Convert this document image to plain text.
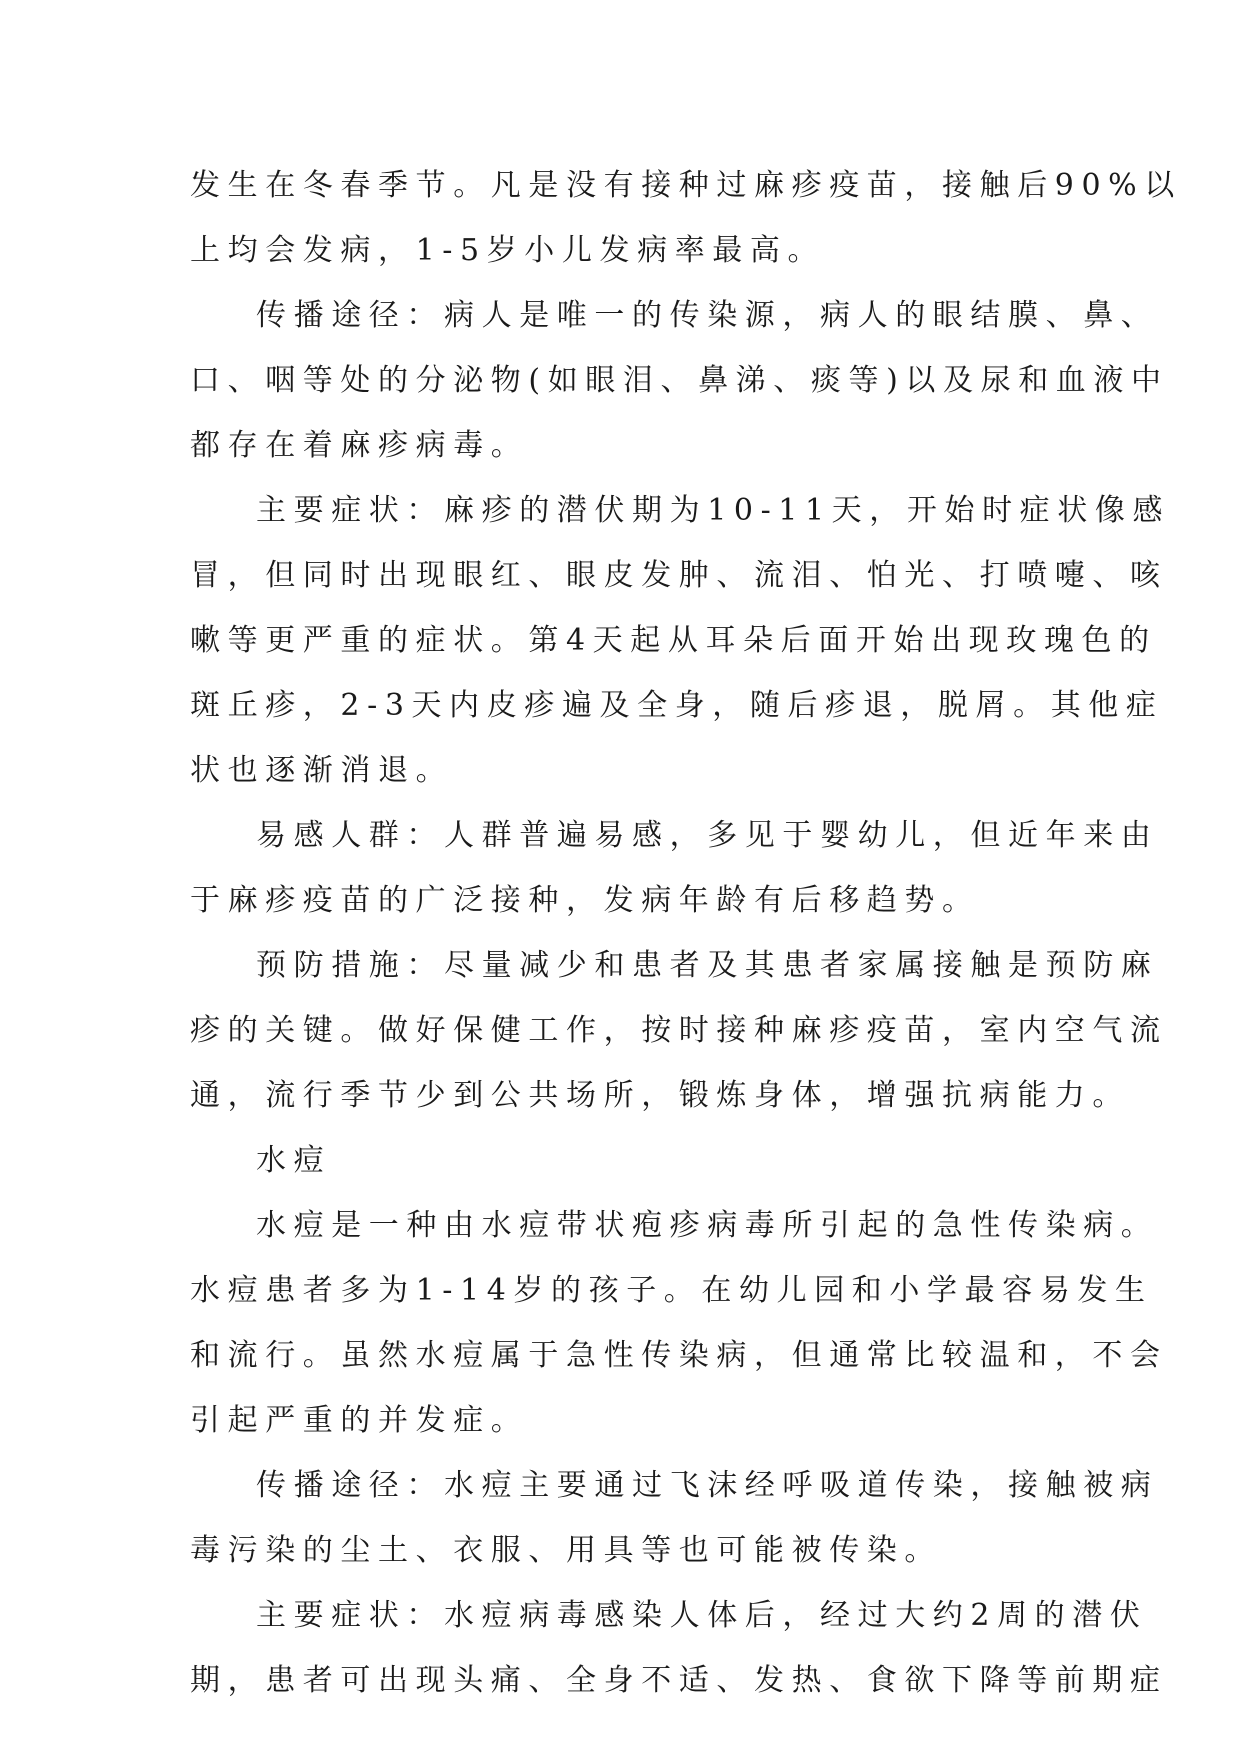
发生在冬春季节。凡是没有接种过麻疹疫苗，接触后90%以
上均会发病，1-5岁小儿发病率最高。
传播途径：病人是唯一的传染源，病人的眼结膜、鼻、
口、咽等处的分泌物(如眼泪、鼻涕、痰等)以及尿和血液中
都存在着麻疹病毒。
主要症状：麻疹的潜伏期为10-11天，开始时症状像感
冒，但同时出现眼红、眼皮发肿、流泪、怕光、打喷嚏、咳
嗽等更严重的症状。第4天起从耳朵后面开始出现玫瑰色的
斑丘疹，2-3天内皮疹遍及全身，随后疹退，脱屑。其他症
状也逐渐消退。
易感人群：人群普遍易感，多见于婴幼儿，但近年来由
于麻疹疫苗的广泛接种，发病年龄有后移趋势。
预防措施：尽量减少和患者及其患者家属接触是预防麻
疹的关键。做好保健工作，按时接种麻疹疫苗，室内空气流
通，流行季节少到公共场所，锻炼身体，增强抗病能力。
水痘
水痘是一种由水痘带状疱疹病毒所引起的急性传染病。
水痘患者多为1-14岁的孩子。在幼儿园和小学最容易发生
和流行。虽然水痘属于急性传染病，但通常比较温和，不会
引起严重的并发症。
传播途径：水痘主要通过飞沫经呼吸道传染，接触被病
毒污染的尘土、衣服、用具等也可能被传染。
主要症状：水痘病毒感染人体后，经过大约2周的潜伏
期，患者可出现头痛、全身不适、发热、食欲下降等前期症
